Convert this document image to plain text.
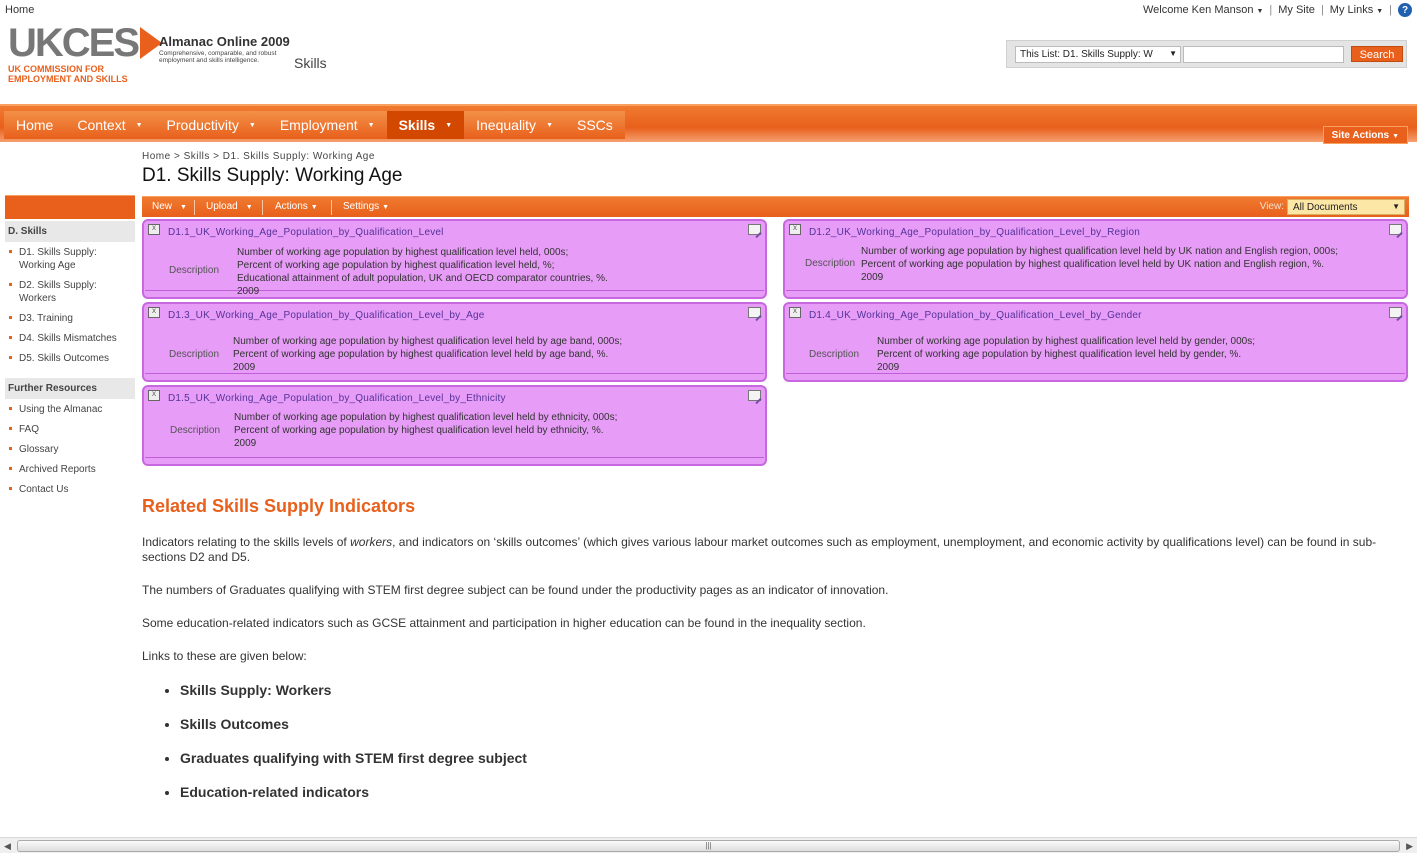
Home	Welcome Ken Manson ▼ | My Site | My Links ▼ | ?
UKCES
UK COMMISSION FOR
EMPLOYMENT AND SKILLS
Almanac Online 2009
Comprehensive, comparable, and robust employment and skills intelligence.	Skills
This List: D1. Skills Supply: W ▼	Search
Home Context ▼ Productivity ▼ Employment ▼ Skills ▼ Inequality ▼ SSCs
Site Actions ▼
Home > Skills > D1. Skills Supply: Working Age
D1. Skills Supply: Working Age
D. Skills
D1. Skills Supply: Working Age
D2. Skills Supply: Workers
D3. Training
D4. Skills Mismatches
D5. Skills Outcomes
Further Resources
Using the Almanac
FAQ
Glossary
Archived Reports
Contact Us
New ▼ Upload ▼ Actions ▼	Settings ▼	View: All Documents	▼
X	D1.1_UK_Working_Age_Population_by_Qualification_Level
Description
Number of working age population by highest qualification level held, 000s;
Percent of working age population by highest qualification level held, %;
Educational attainment of adult population, UK and OECD comparator countries, %.
2009
X	D1.2_UK_Working_Age_Population_by_Qualification_Level_by_Region
Description
Number of working age population by highest qualification level held by UK nation and English region, 000s;
Percent of working age population by highest qualification level held by UK nation and English region, %.
2009
X	D1.3_UK_Working_Age_Population_by_Qualification_Level_by_Age
Description
Number of working age population by highest qualification level held by age band, 000s;
Percent of working age population by highest qualification level held by age band, %.
2009
X	D1.4_UK_Working_Age_Population_by_Qualification_Level_by_Gender
Description
Number of working age population by highest qualification level held by gender, 000s;
Percent of working age population by highest qualification level held by gender, %.
2009
X	D1.5_UK_Working_Age_Population_by_Qualification_Level_by_Ethnicity
Description
Number of working age population by highest qualification level held by ethnicity, 000s;
Percent of working age population by highest qualification level held by ethnicity, %.
2009
Related Skills Supply Indicators

Indicators relating to the skills levels of workers, and indicators on ‘skills outcomes’ (which gives various labour market outcomes such as employment, unemployment, and economic activity by qualifications level) can be found in sub-sections D2 and D5.

The numbers of Graduates qualifying with STEM first degree subject can be found under the productivity pages as an indicator of innovation.

Some education-related indicators such as GCSE attainment and participation in higher education can be found in the inequality section.

Links to these are given below:

• Skills Supply: Workers
• Skills Outcomes
• Graduates qualifying with STEM first degree subject
• Education-related indicators
◀	|||	▶
